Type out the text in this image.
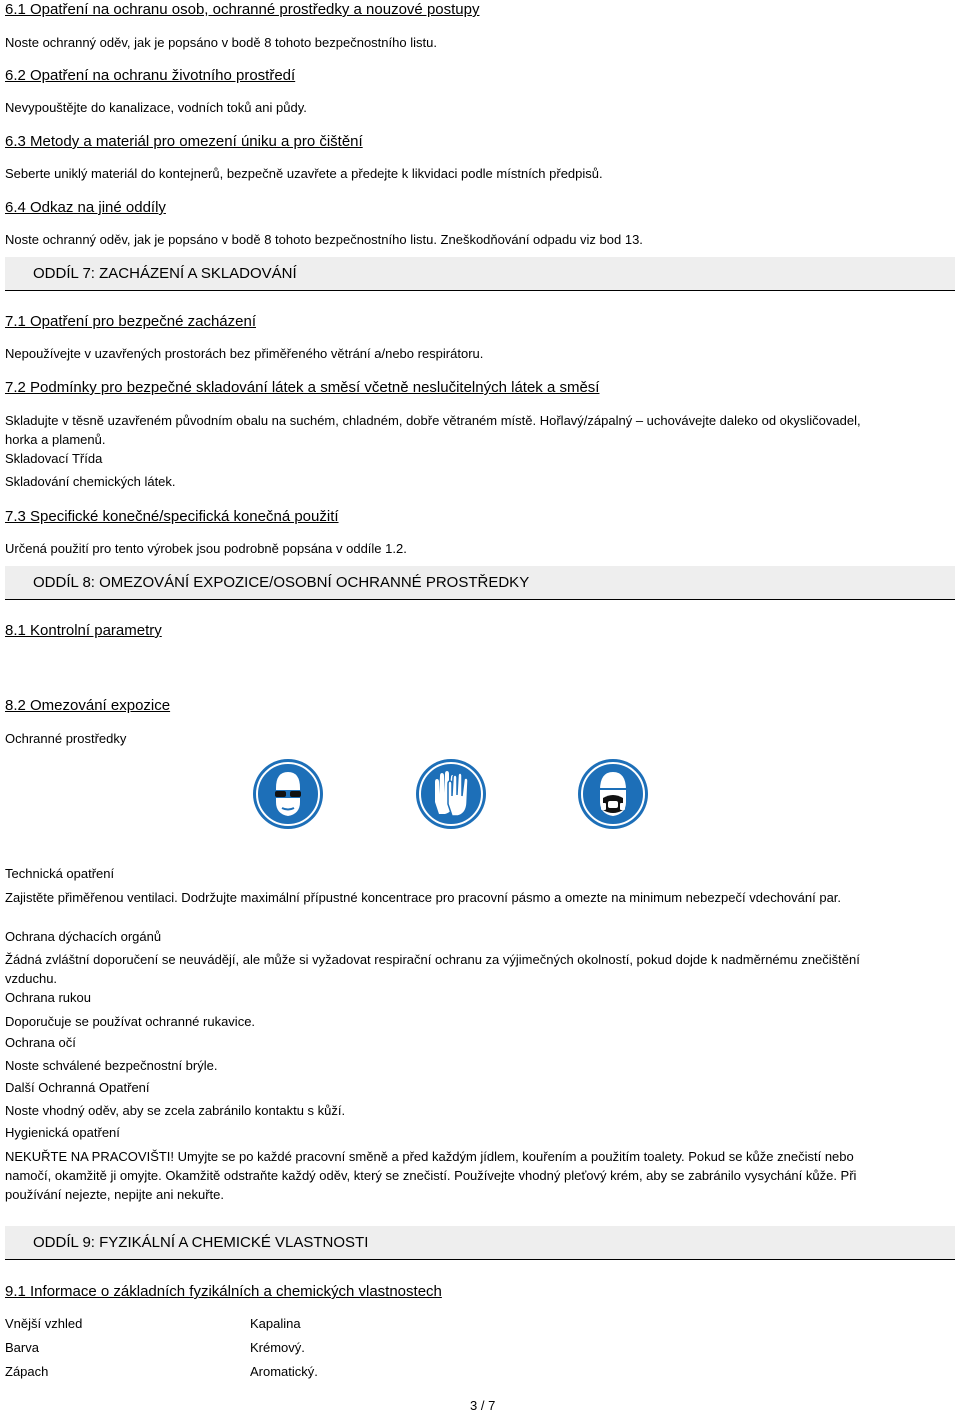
6.1 Opatření na ochranu osob, ochranné prostředky a nouzové postupy
Noste ochranný oděv, jak je popsáno v bodě 8 tohoto bezpečnostního listu.
6.2 Opatření na ochranu životního prostředí
Nevypouštějte do kanalizace, vodních toků ani půdy.
6.3 Metody a materiál pro omezení úniku a pro čištění
Seberte uniklý materiál do kontejnerů, bezpečně uzavřete a předejte k likvidaci podle místních předpisů.
6.4 Odkaz na jiné oddíly
Noste ochranný oděv, jak je popsáno v bodě 8 tohoto bezpečnostního listu. Zneškodňování odpadu viz bod 13.
ODDÍL 7: ZACHÁZENÍ A SKLADOVÁNÍ
7.1 Opatření pro bezpečné zacházení
Nepoužívejte v uzavřených prostorách bez přiměřeného větrání a/nebo respirátoru.
7.2 Podmínky pro bezpečné skladování látek a směsí včetně neslučitelných látek a směsí
Skladujte v těsně uzavřeném původním obalu na suchém, chladném, dobře větraném místě. Hořlavý/zápalný – uchovávejte daleko od okysličovadel, horka a plamenů.
Skladovací Třída
Skladování chemických látek.
7.3 Specifické konečné/specifická konečná použití
Určená použití pro tento výrobek jsou podrobně popsána v oddíle 1.2.
ODDÍL 8: OMEZOVÁNÍ EXPOZICE/OSOBNÍ OCHRANNÉ PROSTŘEDKY
8.1 Kontrolní parametry
8.2 Omezování expozice
Ochranné prostředky
Technická opatření
Zajistěte přiměřenou ventilaci. Dodržujte maximální přípustné koncentrace pro pracovní pásmo a omezte na minimum nebezpečí vdechování par.
Ochrana dýchacích orgánů
Žádná zvláštní doporučení se neuvádějí, ale může si vyžadovat respirační ochranu za výjimečných okolností, pokud dojde k nadměrnému znečištění vzduchu.
Ochrana rukou
Doporučuje se používat ochranné rukavice.
Ochrana očí
Noste schválené bezpečnostní brýle.
Další Ochranná Opatření
Noste vhodný oděv, aby se zcela zabránilo kontaktu s kůží.
Hygienická opatření
NEKUŘTE NA PRACOVIŠTI! Umyjte se po každé pracovní směně a před každým jídlem, kouřením a použitím toalety. Pokud se kůže znečistí nebo namočí, okamžitě ji omyjte. Okamžitě odstraňte každý oděv, který se znečistí. Používejte vhodný pleťový krém, aby se zabránilo vysychání kůže. Při používání nejezte, nepijte ani nekuřte.
ODDÍL 9: FYZIKÁLNÍ A CHEMICKÉ VLASTNOSTI
9.1 Informace o základních fyzikálních a chemických vlastnostech
Vnější vzhled	Kapalina
Barva	Krémový.
Zápach	Aromatický.
3 / 7
